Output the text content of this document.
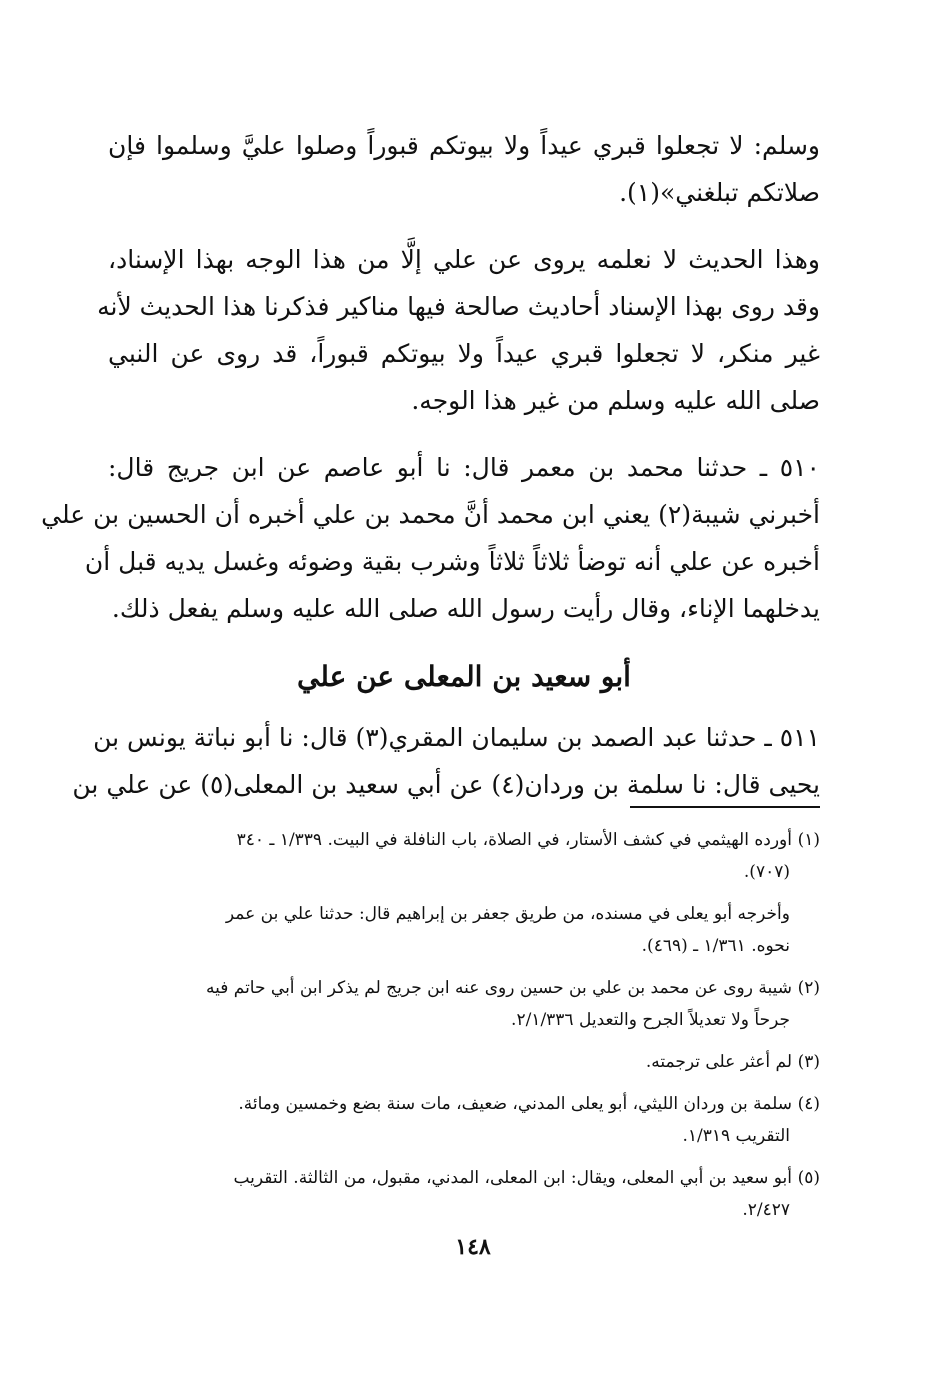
وسلم: لا تجعلوا قبري عيداً ولا بيوتكم قبوراً وصلوا عليَّ وسلموا فإن
صلاتكم تبلغني»(١).

وهذا الحديث لا نعلمه يروى عن علي إلَّا من هذا الوجه بهذا الإسناد،
وقد روى بهذا الإسناد أحاديث صالحة فيها مناكير فذكرنا هذا الحديث لأنه
غير منكر، لا تجعلوا قبري عيداً ولا بيوتكم قبوراً، قد روى عن النبي
صلى الله عليه وسلم من غير هذا الوجه.

٥١٠ ـ حدثنا محمد بن معمر قال: نا أبو عاصم عن ابن جريج قال:
أخبرني شيبة(٢) يعني ابن محمد أنَّ محمد بن علي أخبره أن الحسين بن علي
أخبره عن علي أنه توضأ ثلاثاً ثلاثاً وشرب بقية وضوئه وغسل يديه قبل أن
يدخلهما الإناء، وقال رأيت رسول الله صلى الله عليه وسلم يفعل ذلك.

أبو سعيد بن المعلى عن علي

٥١١ ـ حدثنا عبد الصمد بن سليمان المقري(٣) قال: نا أبو نباتة يونس بن
يحيى قال: نا سلمة بن وردان(٤) عن أبي سعيد بن المعلى(٥) عن علي بن

(١)أورده الهيثمي في كشف الأستار، في الصلاة، باب النافلة في البيت. ١/٣٣٩ ـ ٣٤٠
(٧٠٧).
وأخرجه أبو يعلى في مسنده، من طريق جعفر بن إبراهيم قال: حدثنا علي بن عمر
نحوه. ١/٣٦١ ـ (٤٦٩).
(٢)شيبة روى عن محمد بن علي بن حسين روى عنه ابن جريج لم يذكر ابن أبي حاتم فيه
جرحاً ولا تعديلاً الجرح والتعديل ٢/١/٣٣٦.
(٣)لم أعثر على ترجمته.
(٤)سلمة بن وردان الليثي، أبو يعلى المدني، ضعيف، مات سنة بضع وخمسين ومائة.
التقريب ١/٣١٩.
(٥)أبو سعيد بن أبي المعلى، ويقال: ابن المعلى، المدني، مقبول، من الثالثة. التقريب
٢/٤٢٧.
١٤٨
